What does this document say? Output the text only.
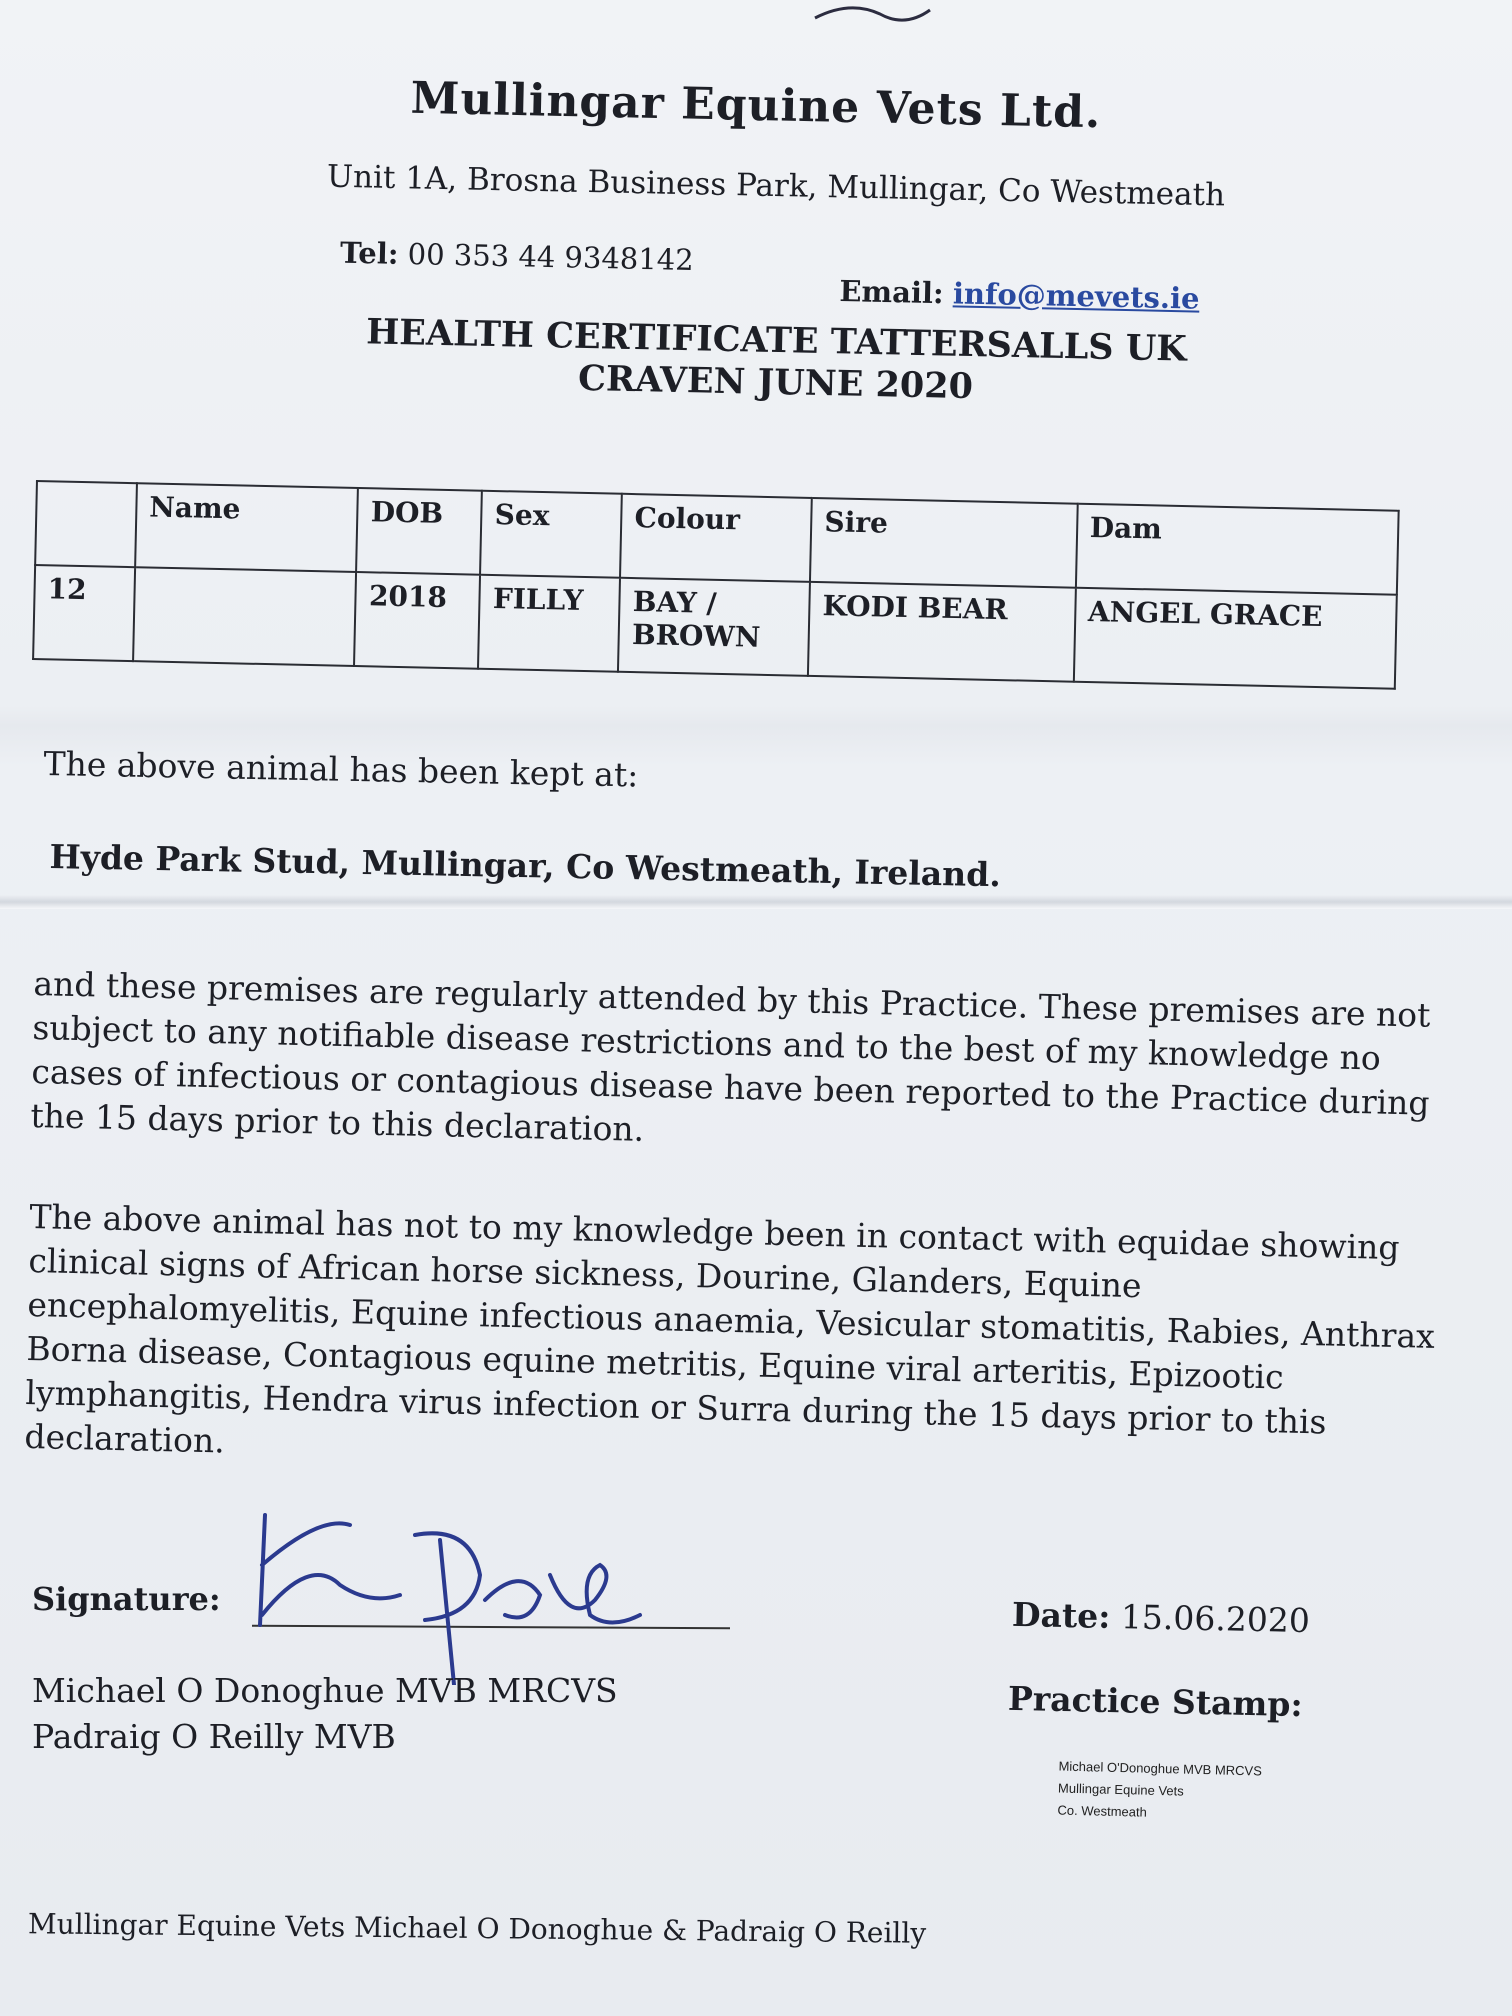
Mullingar Equine Vets Ltd.
Unit 1A, Brosna Business Park, Mullingar, Co Westmeath
Tel: 00 353 44 9348142
Email: info@mevets.ie
HEALTH CERTIFICATE TATTERSALLS UK
CRAVEN JUNE 2020
	Name	DOB	Sex	Colour	Sire	Dam
12		2018	FILLY	BAY / BROWN	KODI BEAR	ANGEL GRACE
The above animal has been kept at:
Hyde Park Stud, Mullingar, Co Westmeath, Ireland.
and these premises are regularly attended by this Practice. These premises are not subject to any notifiable disease restrictions and to the best of my knowledge no cases of infectious or contagious disease have been reported to the Practice during the 15 days prior to this declaration.
The above animal has not to my knowledge been in contact with equidae showing clinical signs of African horse sickness, Dourine, Glanders, Equine encephalomyelitis, Equine infectious anaemia, Vesicular stomatitis, Rabies, Anthrax Borna disease, Contagious equine metritis, Equine viral arteritis, Epizootic lymphangitis, Hendra virus infection or Surra during the 15 days prior to this declaration.
Signature:
Michael O Donoghue MVB MRCVS
Padraig O Reilly MVB
Date: 15.06.2020
Practice Stamp:
Michael O'Donoghue MVB MRCVS
Mullingar Equine Vets
Co. Westmeath
Mullingar Equine Vets Michael O Donoghue & Padraig O Reilly
